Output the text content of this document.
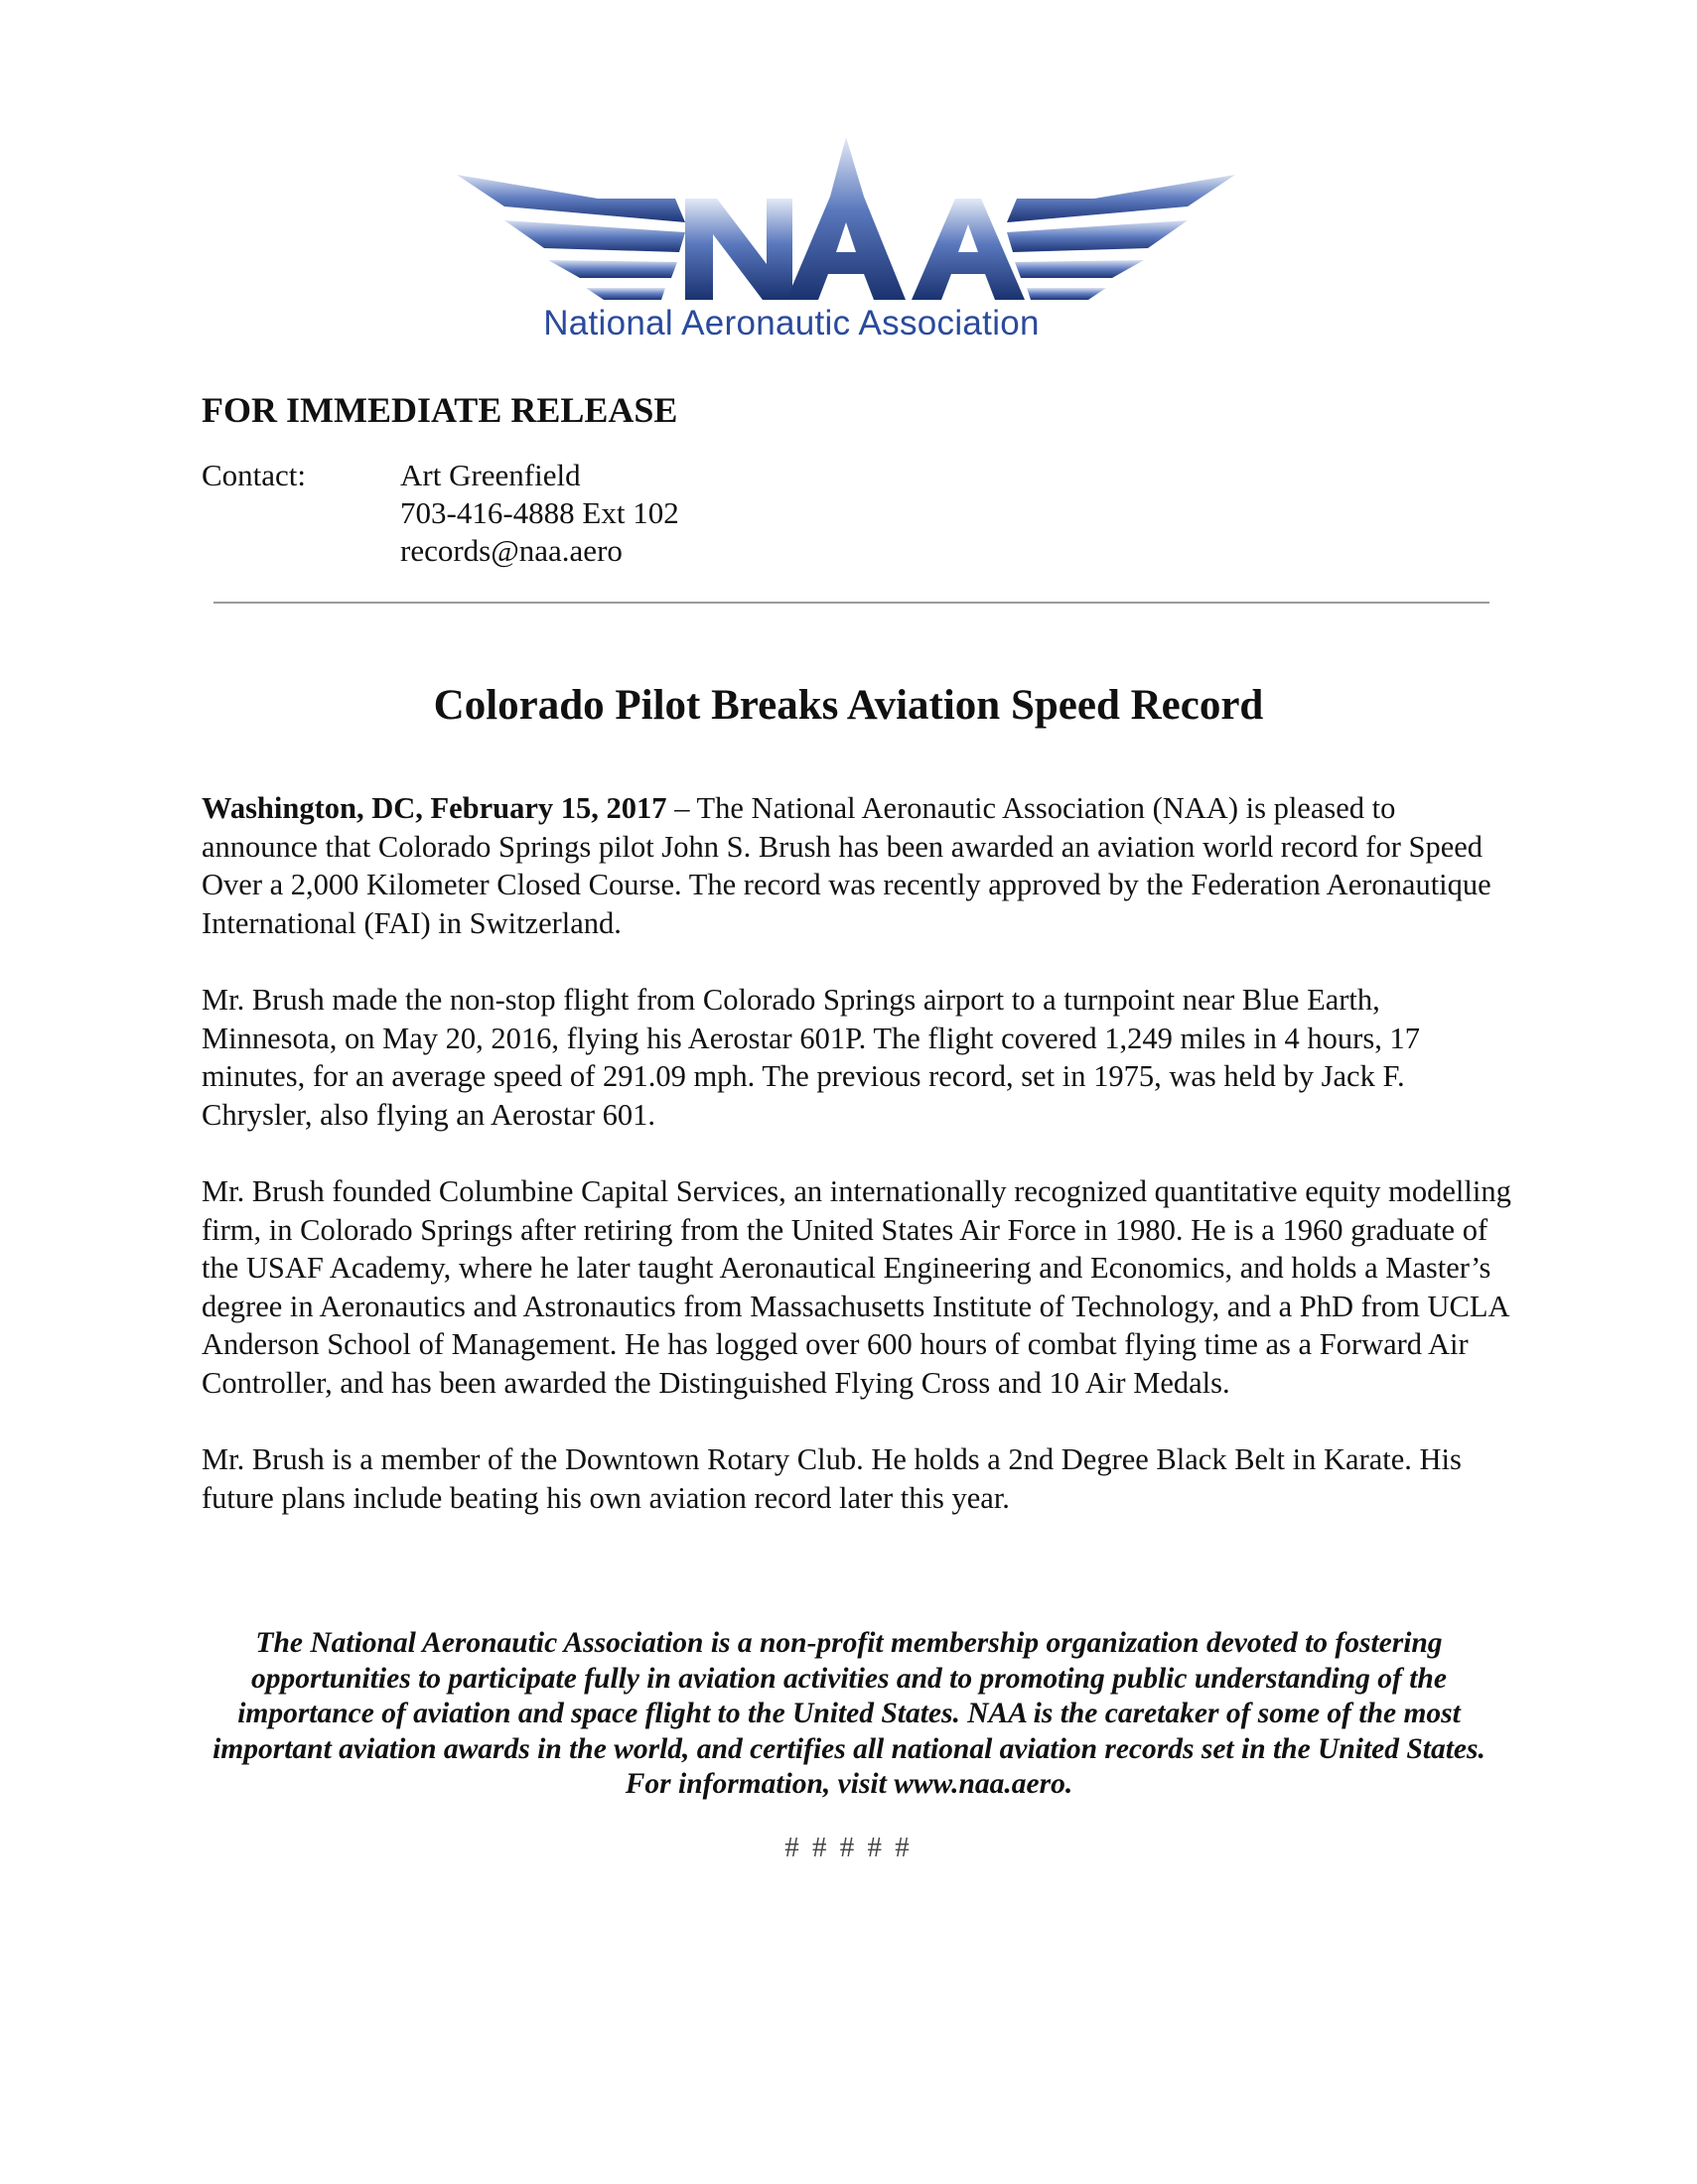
National Aeronautic Association
FOR IMMEDIATE RELEASE
Contact:	Art Greenfield
703-416-4888 Ext 102
records@naa.aero
Colorado Pilot Breaks Aviation Speed Record

Washington, DC, February 15, 2017 – The National Aeronautic Association (NAA) is pleased to announce that Colorado Springs pilot John S. Brush has been awarded an aviation world record for Speed Over a 2,000 Kilometer Closed Course. The record was recently approved by the Federation Aeronautique International (FAI) in Switzerland.

Mr. Brush made the non-stop flight from Colorado Springs airport to a turnpoint near Blue Earth, Minnesota, on May 20, 2016, flying his Aerostar 601P. The flight covered 1,249 miles in 4 hours, 17 minutes, for an average speed of 291.09 mph. The previous record, set in 1975, was held by Jack F. Chrysler, also flying an Aerostar 601.

Mr. Brush founded Columbine Capital Services, an internationally recognized quantitative equity modelling firm, in Colorado Springs after retiring from the United States Air Force in 1980. He is a 1960 graduate of the USAF Academy, where he later taught Aeronautical Engineering and Economics, and holds a Master’s degree in Aeronautics and Astronautics from Massachusetts Institute of Technology, and a PhD from UCLA Anderson School of Management. He has logged over 600 hours of combat flying time as a Forward Air Controller, and has been awarded the Distinguished Flying Cross and 10 Air Medals.

Mr. Brush is a member of the Downtown Rotary Club. He holds a 2nd Degree Black Belt in Karate. His future plans include beating his own aviation record later this year.

The National Aeronautic Association is a non-profit membership organization devoted to fostering opportunities to participate fully in aviation activities and to promoting public understanding of the importance of aviation and space flight to the United States. NAA is the caretaker of some of the most important aviation awards in the world, and certifies all national aviation records set in the United States. For information, visit www.naa.aero.
# # # # #
